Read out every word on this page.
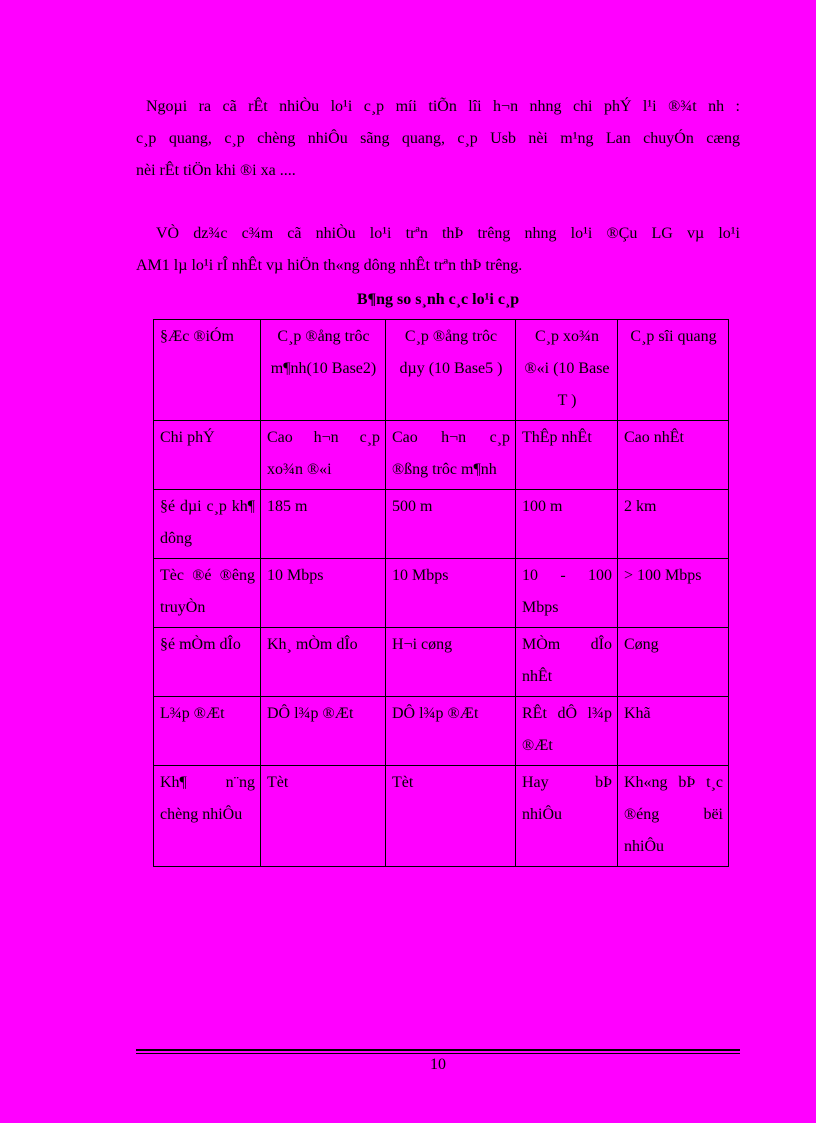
Ngoµi ra cã rÊt nhiÒu lo¹i c¸p míi tiÕn lîi h¬n nhng chi phÝ l¹i ®¾t nh :
c¸p quang, c¸p chèng nhiÔu sãng quang, c¸p Usb nèi m¹ng Lan chuyÓn cæng
nèi rÊt tiÖn khi ®i xa ....
VÒ dz¾c c¾m cã nhiÒu lo¹i trªn thÞ trêng nhng lo¹i ®Çu LG vµ lo¹i
AM1 lµ lo¹i rÎ nhÊt vµ hiÖn th«ng dông nhÊt trªn thÞ trêng.
B¶ng so s¸nh c¸c lo¹i c¸p
§Æc ®iÓm	C¸p ®ång trôc m¶nh(10 Base2)	C¸p ®ång trôc dµy (10 Base5 )	C¸p xo¾n ®«i (10 Base T )	C¸p sîi quang
Chi phÝ	Cao h¬n c¸p xo¾n ®«i	Cao h¬n c¸p ®ßng trôc m¶nh	ThÊp nhÊt	Cao nhÊt
§é dµi c¸p kh¶ dông	185 m	500 m	100 m	2 km
Tèc ®é ®êng truyÒn	10 Mbps	10 Mbps	10 - 100 Mbps	> 100 Mbps
§é mÒm dÎo	Kh¸ mÒm dÎo	H¬i cøng	MÒm dÎo nhÊt	Cøng
L¾p ®Æt	DÔ l¾p ®Æt	DÔ l¾p ®Æt	RÊt dÔ l¾p ®Æt	Khã
Kh¶ n¨ng chèng nhiÔu	Tèt	Tèt	Hay bÞ nhiÔu	Kh«ng bÞ t¸c ®éng bëi nhiÔu
10
